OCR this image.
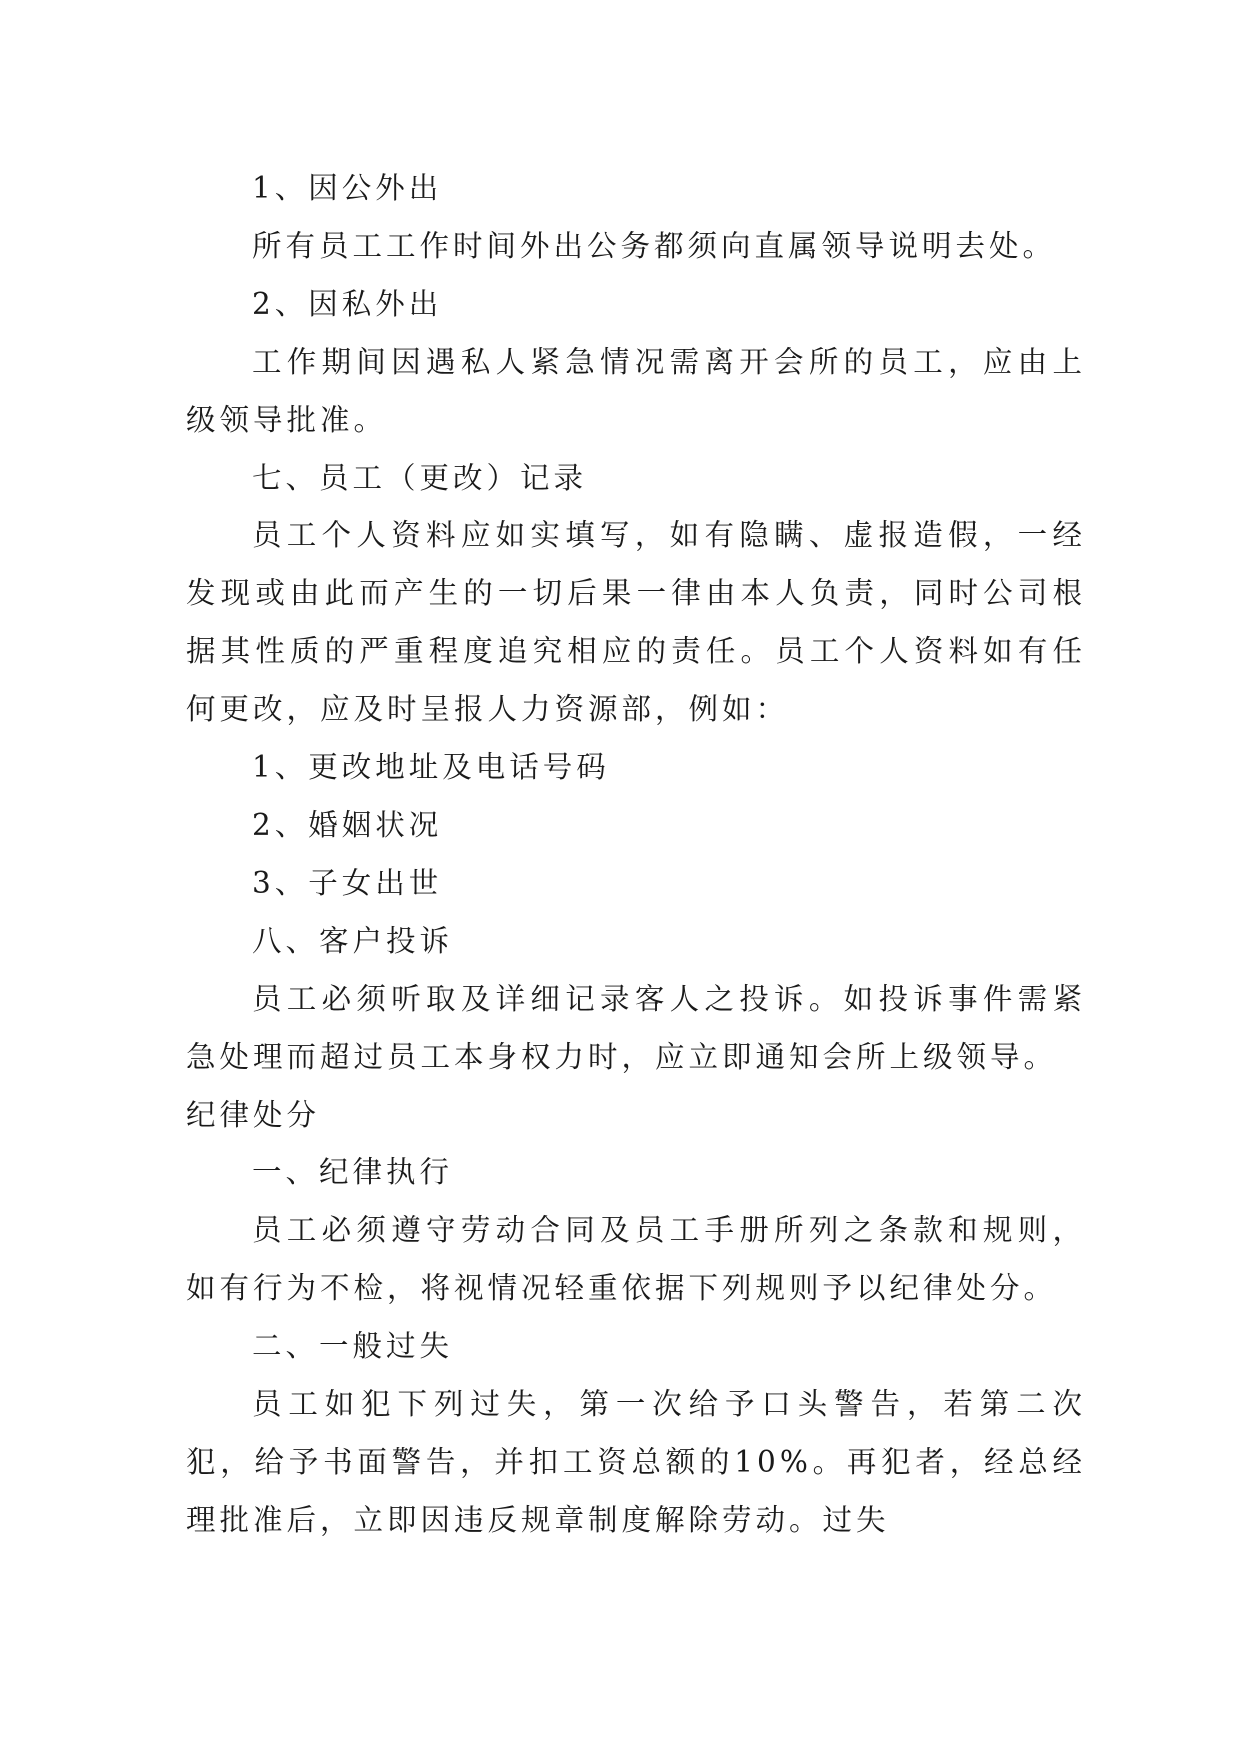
1、因公外出

所有员工工作时间外出公务都须向直属领导说明去处。

2、因私外出

工作期间因遇私人紧急情况需离开会所的员工，应由上级领导批准。

七、员工（更改）记录

员工个人资料应如实填写，如有隐瞒、虚报造假，一经发现或由此而产生的一切后果一律由本人负责，同时公司根据其性质的严重程度追究相应的责任。员工个人资料如有任何更改，应及时呈报人力资源部，例如：

1、更改地址及电话号码

2、婚姻状况

3、子女出世

八、客户投诉

员工必须听取及详细记录客人之投诉。如投诉事件需紧急处理而超过员工本身权力时，应立即通知会所上级领导。

纪律处分

一、纪律执行

员工必须遵守劳动合同及员工手册所列之条款和规则，如有行为不检，将视情况轻重依据下列规则予以纪律处分。

二、一般过失

员工如犯下列过失，第一次给予口头警告，若第二次犯，给予书面警告，并扣工资总额的10%。再犯者，经总经理批准后，立即因违反规章制度解除劳动。过失
